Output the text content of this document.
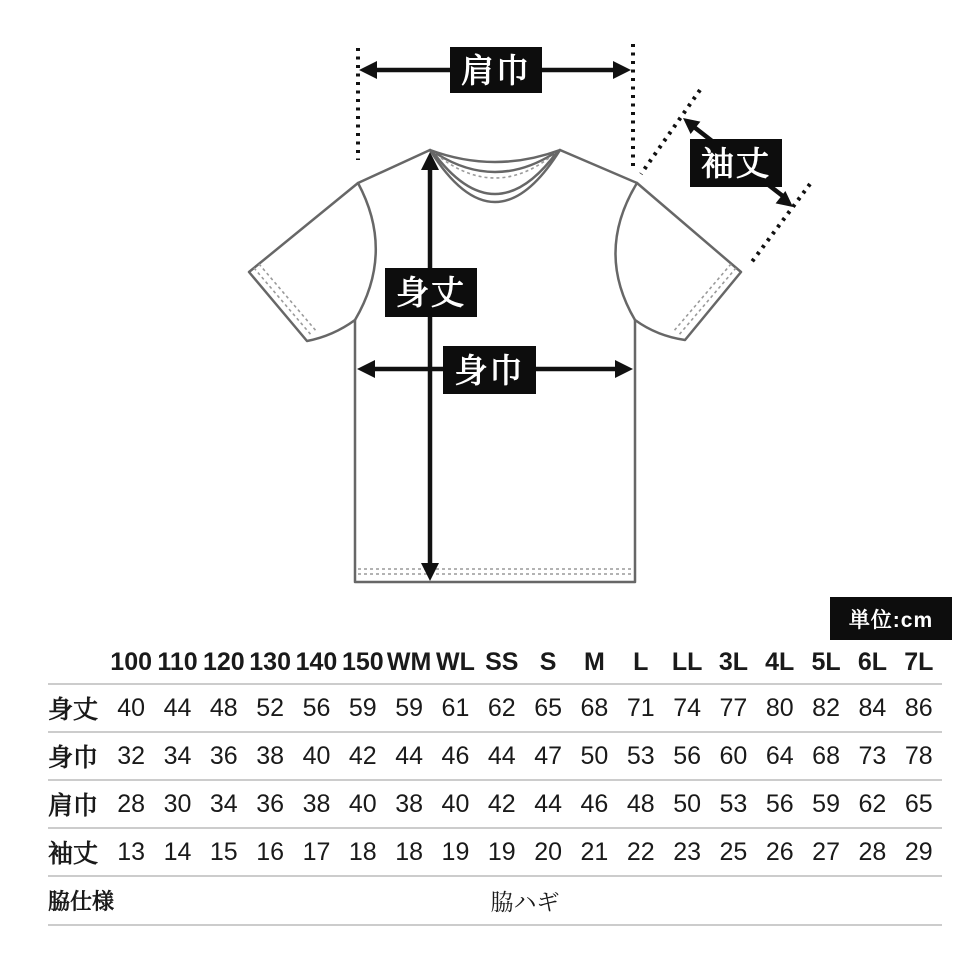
肩巾
袖丈
身丈
身巾
単位:cm
	100	110	120	130	140	150	WM	WL	SS	S	M	L	LL	3L	4L	5L	6L	7L
身丈	40	44	48	52	56	59	59	61	62	65	68	71	74	77	80	82	84	86
身巾	32	34	36	38	40	42	44	46	44	47	50	53	56	60	64	68	73	78
肩巾	28	30	34	36	38	40	38	40	42	44	46	48	50	53	56	59	62	65
袖丈	13	14	15	16	17	18	18	19	19	20	21	22	23	25	26	27	28	29
脇仕様	脇ハギ																	
